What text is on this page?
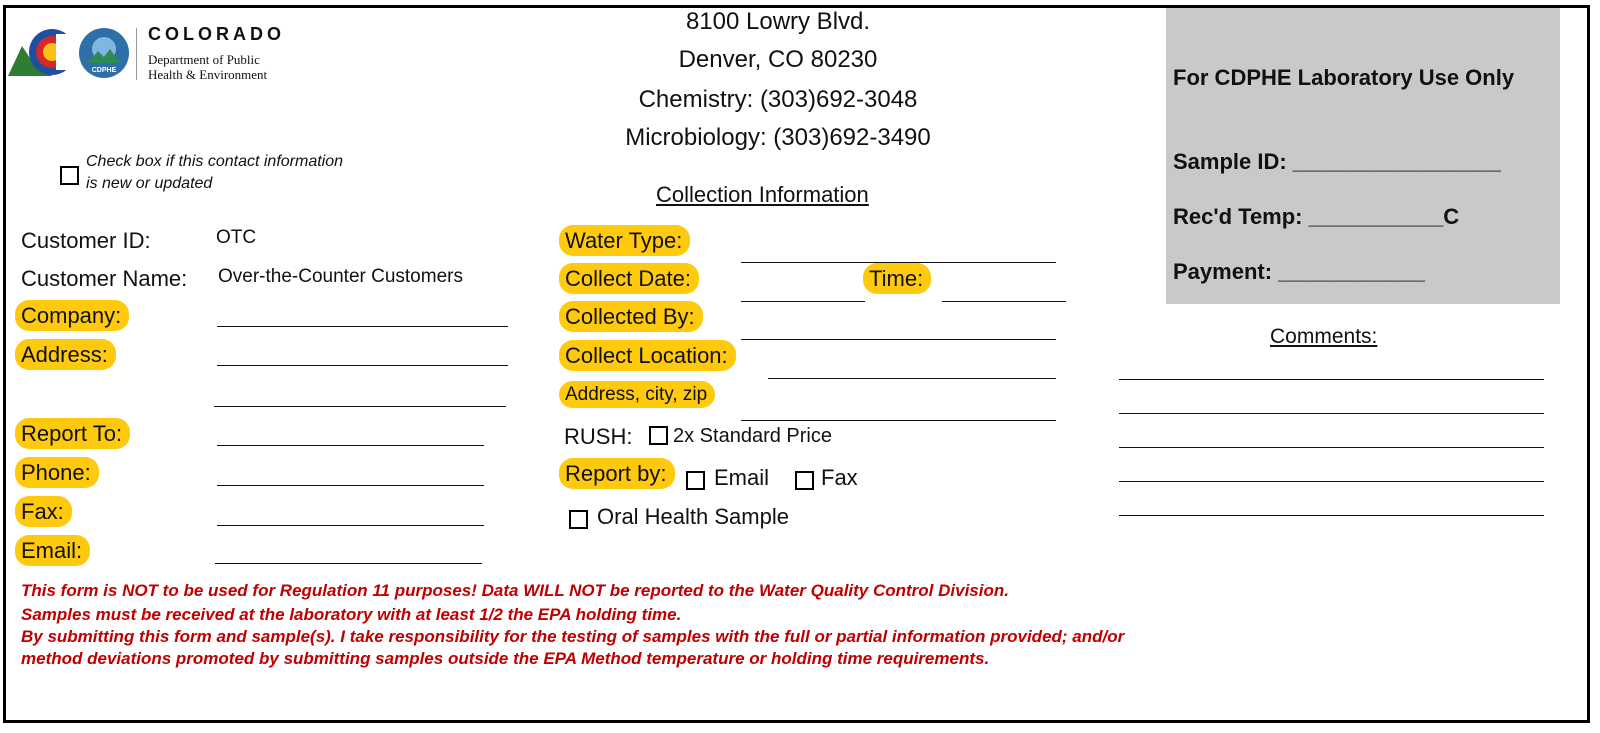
CDPHE
COLORADO
Department of Public
Health & Environment
8100 Lowry Blvd.
Denver, CO 80230
Chemistry: (303)692-3048
Microbiology: (303)692-3490
For CDPHE Laboratory Use Only
Sample ID: _________________
Rec'd Temp: ___________C
Payment: ____________
Check box if this contact information
is new or updated
Customer ID:	OTC
Customer Name: Over-the-Counter Customers
Company:
Address:
Report To:
Phone:
Fax:
Email:
Collection Information
Water Type:
Collect Date:	Time:
Collected By:
Collect Location:
Address, city, zip
RUSH: 2x Standard Price
Report by:	Email Fax
Oral Health Sample
Comments:
This form is NOT to be used for Regulation 11 purposes! Data WILL NOT be reported to the Water Quality Control Division.
Samples must be received at the laboratory with at least 1/2 the EPA holding time.
By submitting this form and sample(s). I take responsibility for the testing of samples with the full or partial information provided; and/or
method deviations promoted by submitting samples outside the EPA Method temperature or holding time requirements.
